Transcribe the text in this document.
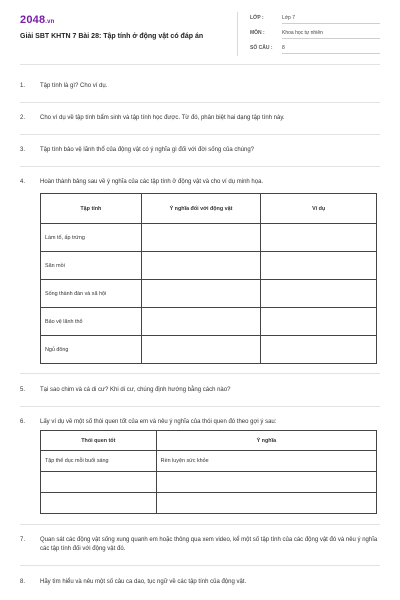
2048.vn
Giải SBT KHTN 7 Bài 28: Tập tính ở động vật có đáp án
LỚP :	Lớp 7
MÔN :	Khoa học tự nhiên
SỐ CÂU : 8
1. Tập tính là gì? Cho ví dụ.
2. Cho ví dụ về tập tính bẩm sinh và tập tính học được. Từ đó, phân biệt hai dạng tập tính này.
3. Tập tính bảo vệ lãnh thổ của động vật có ý nghĩa gì đối với đời sống của chúng?
4. Hoàn thành bảng sau về ý nghĩa của các tập tính ở động vật và cho ví dụ minh họa.
Tập tính	Ý nghĩa đối với động vật	Ví dụ
Làm tổ, ấp trứng		
Săn mồi		
Sống thành đàn và xã hội		
Bảo vệ lãnh thổ		
Ngủ đông		
5. Tại sao chim và cá di cư? Khi di cư, chúng định hướng bằng cách nào?
6. Lấy ví dụ về một số thói quen tốt của em và nêu ý nghĩa của thói quen đó theo gợi ý sau:
Thói quen tốt	Ý nghĩa
Tập thể dục mỗi buổi sáng	Rèn luyện sức khỏe

7. Quan sát các động vật sống xung quanh em hoặc thông qua xem video, kể một số tập tính của các động vật đó và nêu ý nghĩa các tập tính đối với động vật đó.
8. Hãy tìm hiểu và nêu một số câu ca dao, tục ngữ về các tập tính của động vật.
